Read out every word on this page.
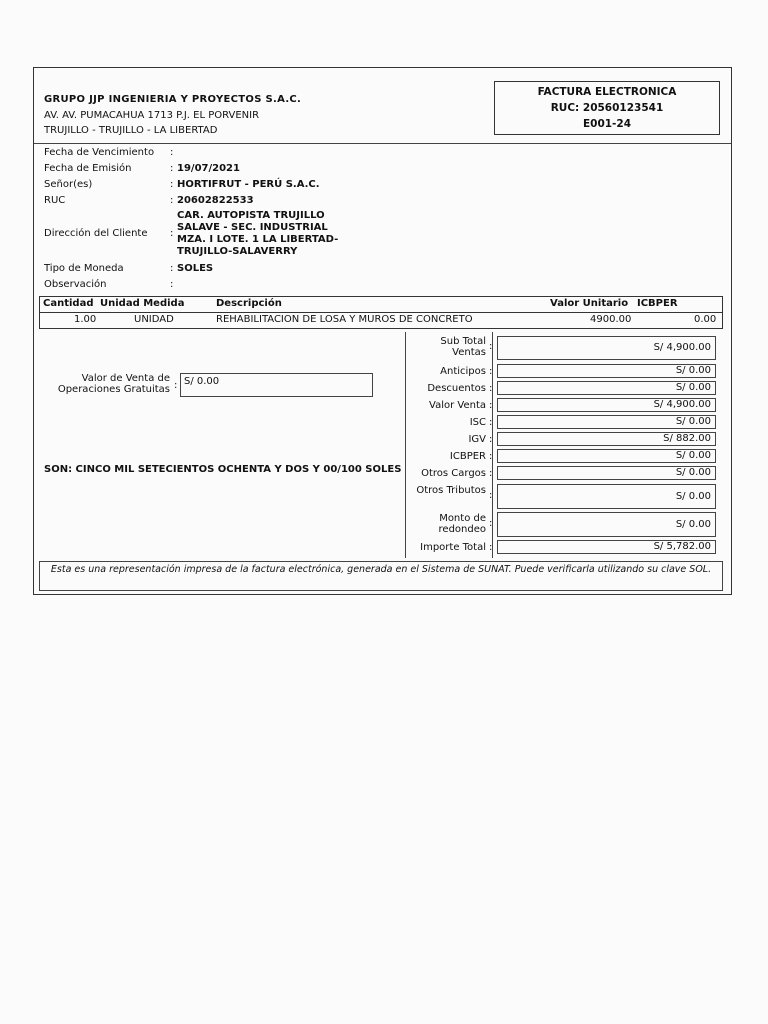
GRUPO JJP INGENIERIA Y PROYECTOS S.A.C.
AV. AV. PUMACAHUA 1713 P.J. EL PORVENIR
TRUJILLO - TRUJILLO - LA LIBERTAD
FACTURA ELECTRONICA
RUC: 20560123541
E001-24
Fecha de Vencimiento :
Fecha de Emisión	: 19/07/2021
Señor(es)	: HORTIFRUT - PERÚ S.A.C.
RUC	: 20602822533
Dirección del Cliente :
CAR. AUTOPISTA TRUJILLO
SALAVE - SEC. INDUSTRIAL
MZA. I LOTE. 1 LA LIBERTAD-
TRUJILLO-SALAVERRY
Tipo de Moneda	: SOLES
Observación	:
Cantidad Unidad Medida	Descripción	Valor Unitario ICBPER
1.00	UNIDAD	REHABILITACION DE LOSA Y MUROS DE CONCRETO	4900.00	0.00
Sub Total Ventas
:	S/ 4,900.00
Anticipos :	S/ 0.00
Descuentos :	S/ 0.00
Valor Venta :	S/ 4,900.00
ISC :	S/ 0.00
IGV :	S/ 882.00
ICBPER :	S/ 0.00
Otros Cargos :	S/ 0.00
Otros Tributos :	S/ 0.00
Monto de redondeo
:	S/ 0.00
Importe Total :	S/ 5,782.00
Valor de Venta de Operaciones Gratuitas : S/ 0.00
SON: CINCO MIL SETECIENTOS OCHENTA Y DOS Y 00/100 SOLES
Esta es una representación impresa de la factura electrónica, generada en el Sistema de SUNAT. Puede verificarla utilizando su clave SOL.
